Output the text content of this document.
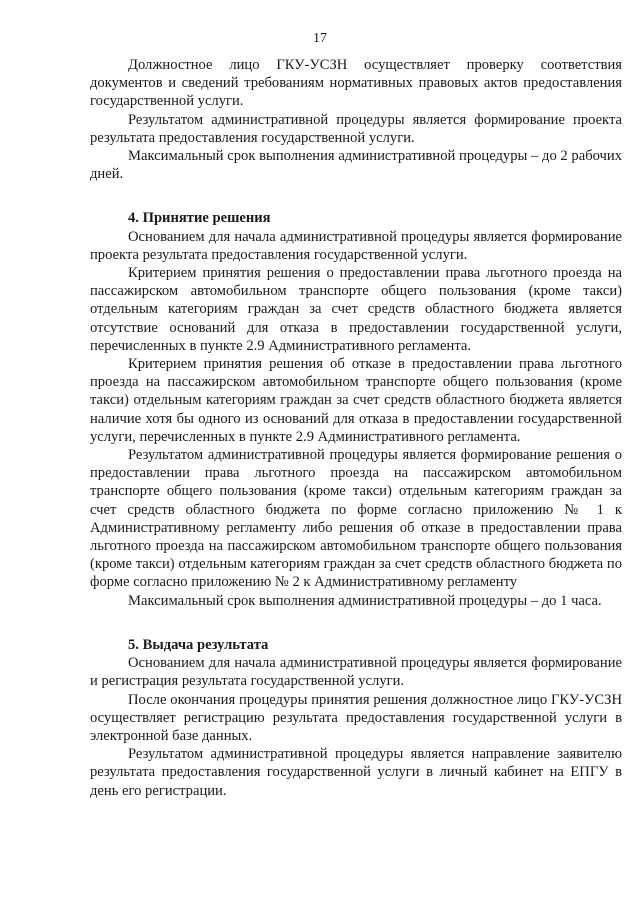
17

Должностное лицо ГКУ-УСЗН осуществляет проверку соответствия документов и сведений требованиям нормативных правовых актов предоставления государственной услуги.

Результатом административной процедуры является формирование проекта результата предоставления государственной услуги.

Максимальный срок выполнения административной процедуры – до 2 рабочих дней.

4. Принятие решения

Основанием для начала административной процедуры является формирование проекта результата предоставления государственной услуги.

Критерием принятия решения о предоставлении права льготного проезда на пассажирском автомобильном транспорте общего пользования (кроме такси) отдельным категориям граждан за счет средств областного бюджета является отсутствие оснований для отказа в предоставлении государственной услуги, перечисленных в пункте 2.9 Административного регламента.

Критерием принятия решения об отказе в предоставлении права льготного проезда на пассажирском автомобильном транспорте общего пользования (кроме такси) отдельным категориям граждан за счет средств областного бюджета является наличие хотя бы одного из оснований для отказа в предоставлении государственной услуги, перечисленных в пункте 2.9 Административного регламента.

Результатом административной процедуры является формирование решения о предоставлении права льготного проезда на пассажирском автомобильном транспорте общего пользования (кроме такси) отдельным категориям граждан за счет средств областного бюджета по форме согласно приложению № 1 к Административному регламенту либо решения об отказе в предоставлении права льготного проезда на пассажирском автомобильном транспорте общего пользования (кроме такси) отдельным категориям граждан за счет средств областного бюджета по форме согласно приложению № 2 к Административному регламенту

Максимальный срок выполнения административной процедуры – до 1 часа.

5. Выдача результата

Основанием для начала административной процедуры является формирование и регистрация результата государственной услуги.

После окончания процедуры принятия решения должностное лицо ГКУ-УСЗН осуществляет регистрацию результата предоставления государственной услуги в электронной базе данных.

Результатом административной процедуры является направление заявителю результата предоставления государственной услуги в личный кабинет на ЕПГУ в день его регистрации.
